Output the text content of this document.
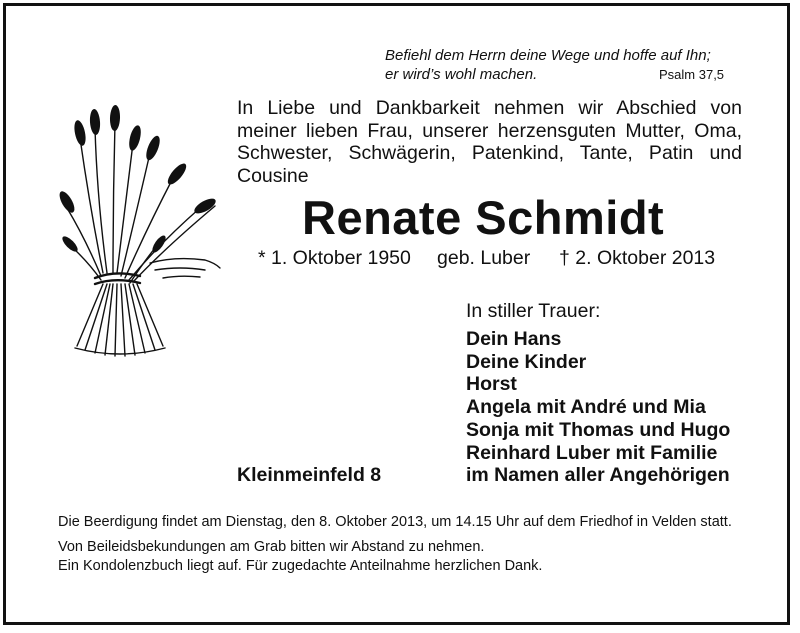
Befiehl dem Herrn deine Wege und hoffe auf Ihn;
er wird’s wohl machen.	Psalm 37,5
In Liebe und Dankbarkeit nehmen wir Abschied von meiner lieben Frau, unserer herzensguten Mutter, Oma, Schwester, Schwägerin, Patenkind, Tante, Patin und Cousine
Renate Schmidt
* 1. Oktober 1950 geb. Luber † 2. Oktober 2013
In stiller Trauer:
Dein Hans
Deine Kinder
Horst
Angela mit André und Mia
Sonja mit Thomas und Hugo
Reinhard Luber mit Familie
im Namen aller Angehörigen
Kleinmeinfeld 8

Die Beerdigung findet am Dienstag, den 8. Oktober 2013, um 14.15 Uhr auf dem Friedhof in Velden statt.

Von Beileidsbekundungen am Grab bitten wir Abstand zu nehmen.

Ein Kondolenzbuch liegt auf. Für zugedachte Anteilnahme herzlichen Dank.
